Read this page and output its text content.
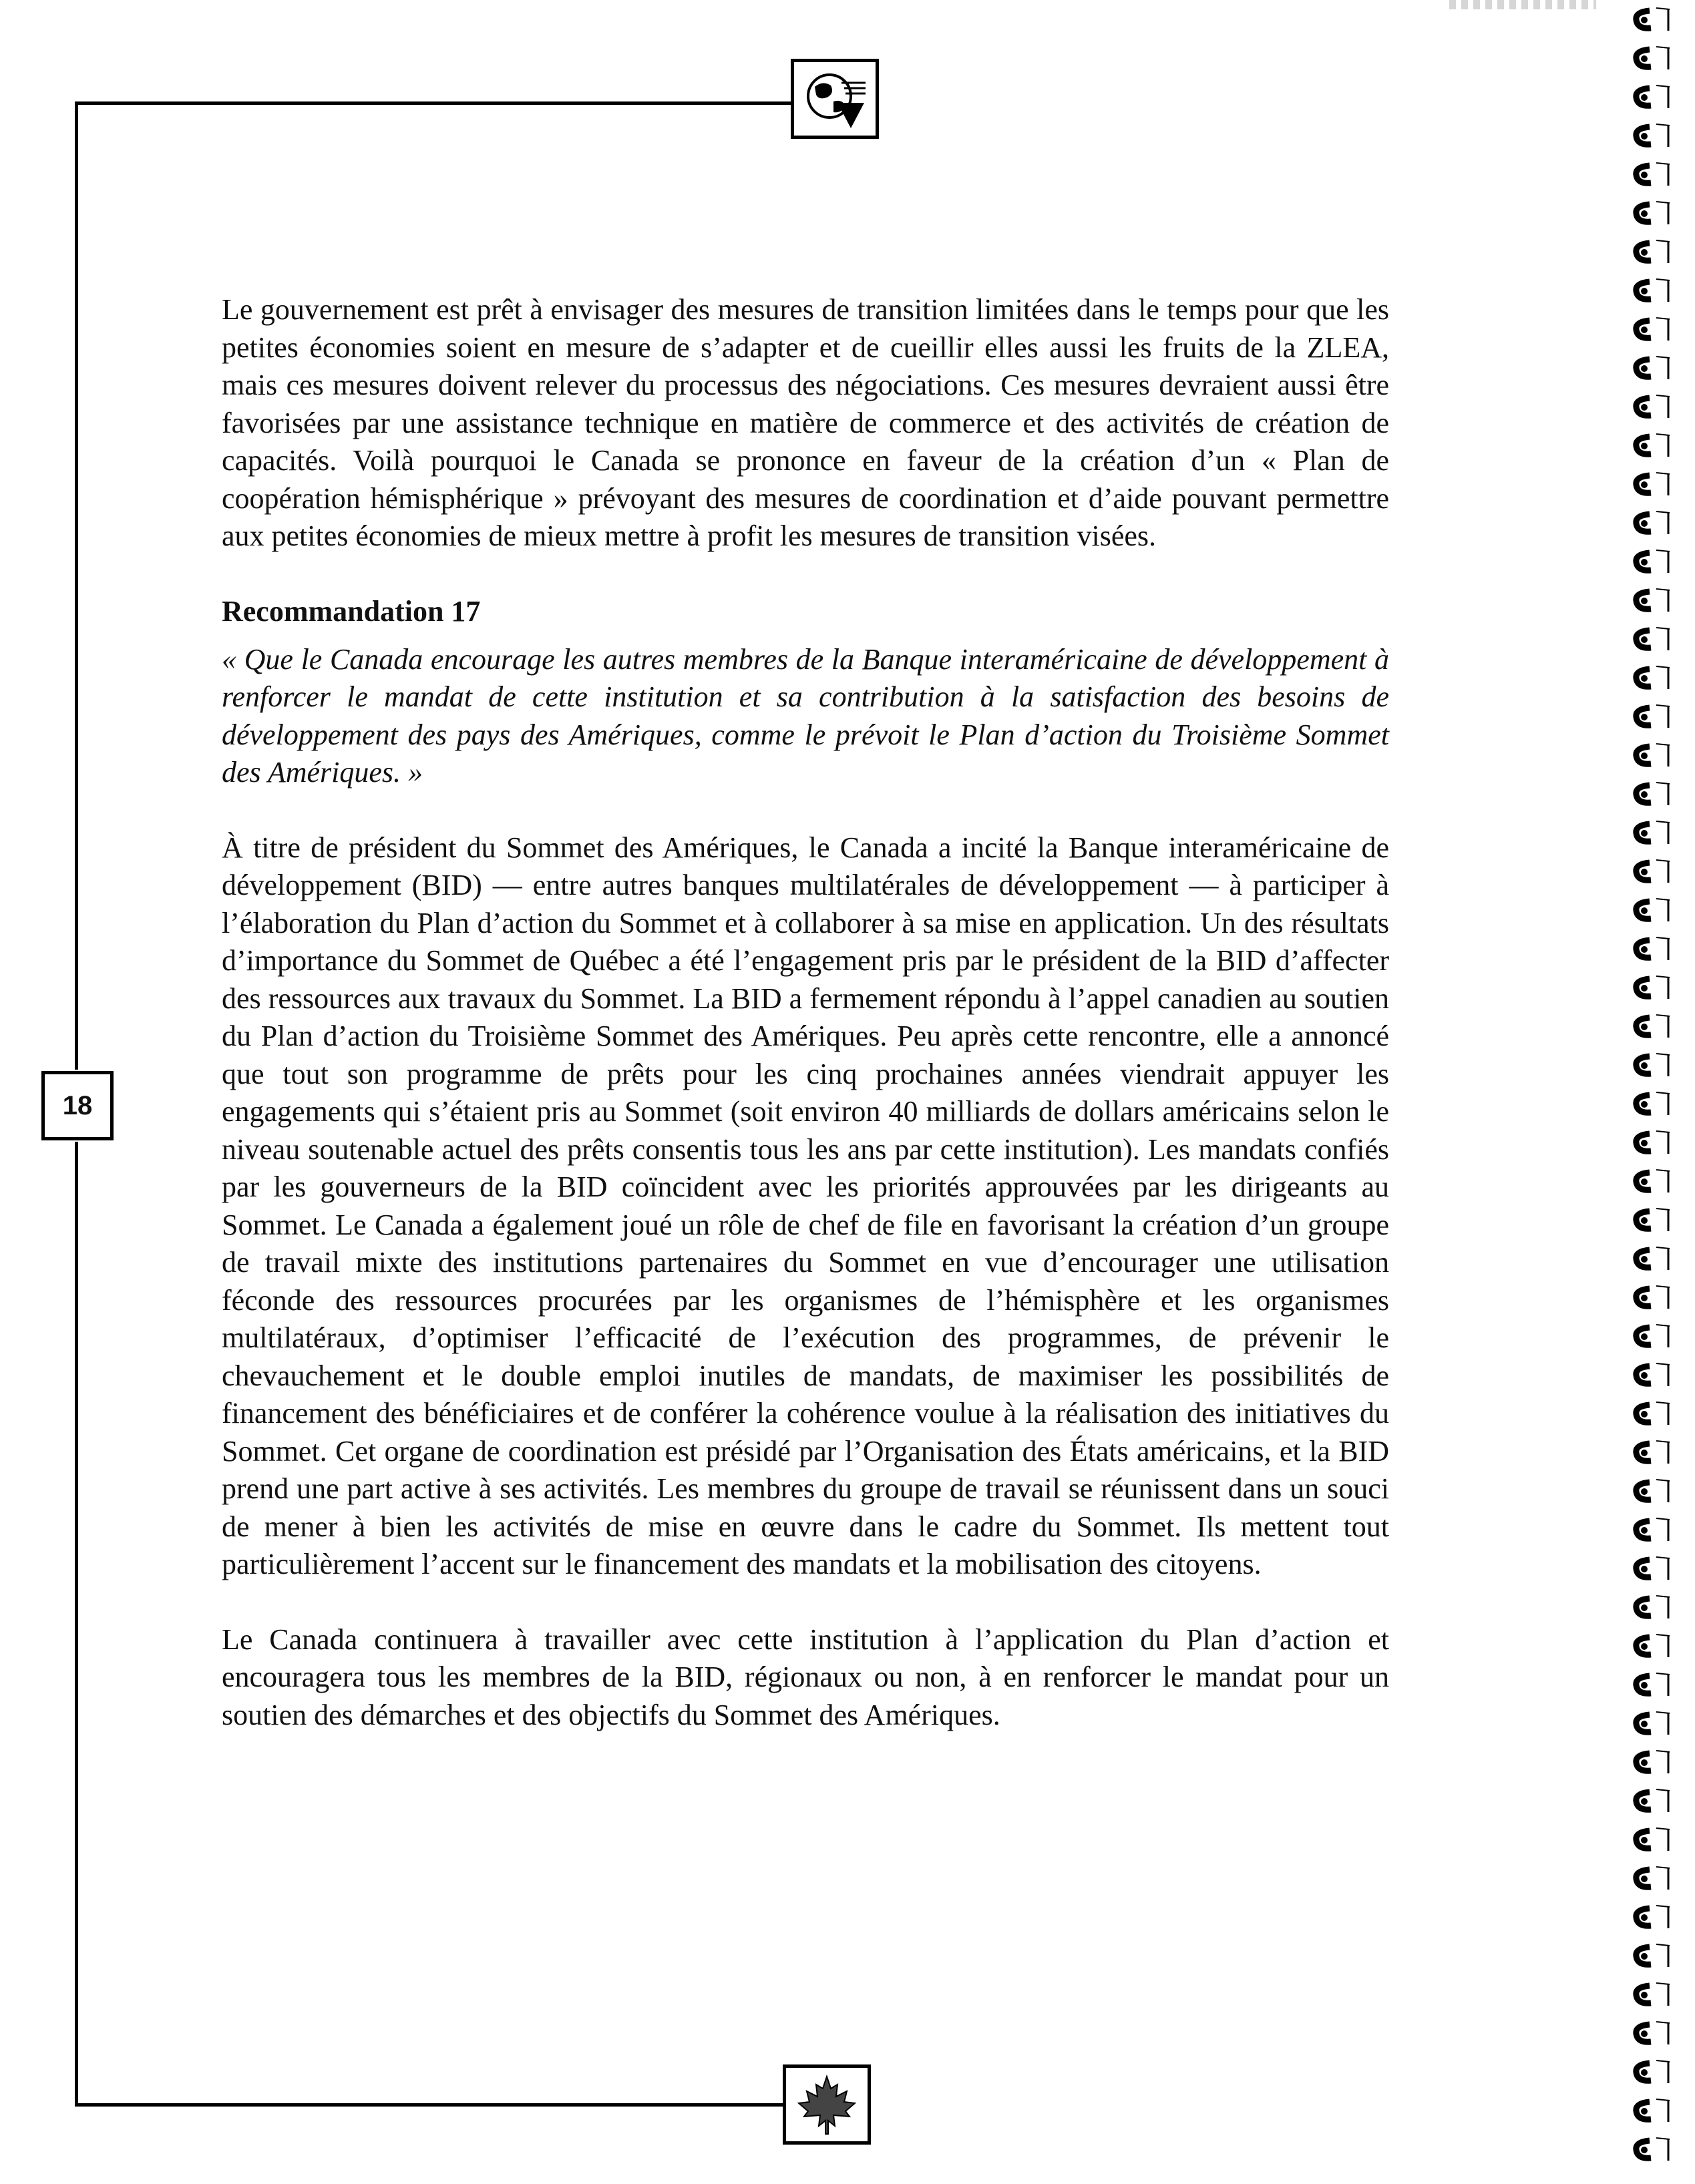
18

Le gouvernement est prêt à envisager des mesures de transition limitées dans le temps pour que les petites économies soient en mesure de s’adapter et de cueillir elles aussi les fruits de la ZLEA, mais ces mesures doivent relever du processus des négociations. Ces mesures devraient aussi être favorisées par une assistance technique en matière de commerce et des activités de création de capacités. Voilà pourquoi le Canada se prononce en faveur de la création d’un « Plan de coopération hémisphérique » prévoyant des mesures de coordination et d’aide pouvant permettre aux petites économies de mieux mettre à profit les mesures de transition visées.

Recommandation 17

« Que le Canada encourage les autres membres de la Banque interaméricaine de développement à renforcer le mandat de cette institution et sa contribution à la satisfaction des besoins de développement des pays des Amériques, comme le prévoit le Plan d’action du Troisième Sommet des Amériques. »

À titre de président du Sommet des Amériques, le Canada a incité la Banque interaméricaine de développement (BID) — entre autres banques multilatérales de développement — à participer à l’élaboration du Plan d’action du Sommet et à collaborer à sa mise en application. Un des résultats d’importance du Sommet de Québec a été l’engagement pris par le président de la BID d’affecter des ressources aux travaux du Sommet. La BID a fermement répondu à l’appel canadien au soutien du Plan d’action du Troisième Sommet des Amériques. Peu après cette rencontre, elle a annoncé que tout son programme de prêts pour les cinq prochaines années viendrait appuyer les engagements qui s’étaient pris au Sommet (soit environ 40 milliards de dollars américains selon le niveau soutenable actuel des prêts consentis tous les ans par cette institution). Les mandats confiés par les gouverneurs de la BID coïncident avec les priorités approuvées par les dirigeants au Sommet. Le Canada a également joué un rôle de chef de file en favorisant la création d’un groupe de travail mixte des institutions partenaires du Sommet en vue d’encourager une utilisation féconde des ressources procurées par les organismes de l’hémisphère et les organismes multilatéraux, d’optimiser l’efficacité de l’exécution des programmes, de prévenir le chevauchement et le double emploi inutiles de mandats, de maximiser les possibilités de financement des bénéficiaires et de conférer la cohérence voulue à la réalisation des initiatives du Sommet. Cet organe de coordination est présidé par l’Organisation des États américains, et la BID prend une part active à ses activités. Les membres du groupe de travail se réunissent dans un souci de mener à bien les activités de mise en œuvre dans le cadre du Sommet. Ils mettent tout particulièrement l’accent sur le financement des mandats et la mobilisation des citoyens.

Le Canada continuera à travailler avec cette institution à l’application du Plan d’action et encouragera tous les membres de la BID, régionaux ou non, à en renforcer le mandat pour un soutien des démarches et des objectifs du Sommet des Amériques.
